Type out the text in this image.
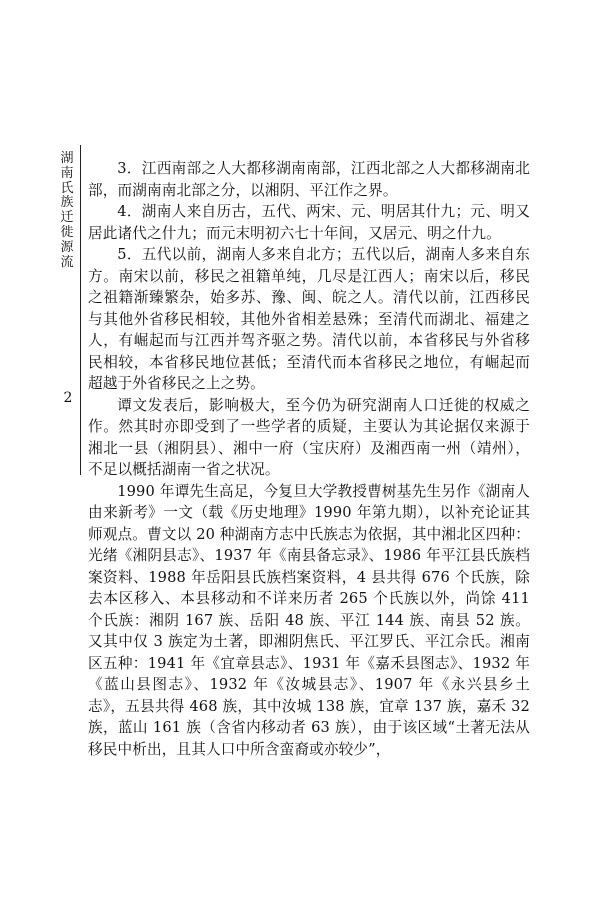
湖南氏族迁徙源流
2

3．江西南部之人大都移湖南南部，江西北部之人大都移湖南北部，而湖南南北部之分，以湘阴、平江作之界。

4．湖南人来自历古，五代、两宋、元、明居其什九；元、明又居此诸代之什九；而元末明初六七十年间，又居元、明之什九。

5．五代以前，湖南人多来自北方；五代以后，湖南人多来自东方。南宋以前，移民之祖籍单纯，几尽是江西人；南宋以后，移民之祖籍渐臻繁杂，始多苏、豫、闽、皖之人。清代以前，江西移民与其他外省移民相较，其他外省相差悬殊；至清代而湖北、福建之人，有崛起而与江西并驾齐驱之势。清代以前，本省移民与外省移民相较，本省移民地位甚低；至清代而本省移民之地位，有崛起而超越于外省移民之上之势。

谭文发表后，影响极大，至今仍为研究湖南人口迁徙的权威之作。然其时亦即受到了一些学者的质疑，主要认为其论据仅来源于湘北一县（湘阴县）、湘中一府（宝庆府）及湘西南一州（靖州），不足以概括湖南一省之状况。

1990 年谭先生高足，今复旦大学教授曹树基先生另作《湖南人由来新考》一文（载《历史地理》1990 年第九期），以补充论证其师观点。曹文以 20 种湖南方志中氏族志为依据，其中湘北区四种：光绪《湘阴县志》、1937 年《南县备忘录》、1986 年平江县氏族档案资料、1988 年岳阳县氏族档案资料，4 县共得 676 个氏族，除去本区移入、本县移动和不详来历者 265 个氏族以外，尚馀 411 个氏族：湘阴 167 族、岳阳 48 族、平江 144 族、南县 52 族。又其中仅 3 族定为土著，即湘阴焦氏、平江罗氏、平江佘氏。湘南区五种：1941 年《宜章县志》、1931 年《嘉禾县图志》、1932 年《蓝山县图志》、1932 年《汝城县志》、1907 年《永兴县乡土志》，五县共得 468 族，其中汝城 138 族，宜章 137 族，嘉禾 32 族，蓝山 161 族（含省内移动者 63 族），由于该区域“土著无法从移民中析出，且其人口中所含蛮裔或亦较少”，
